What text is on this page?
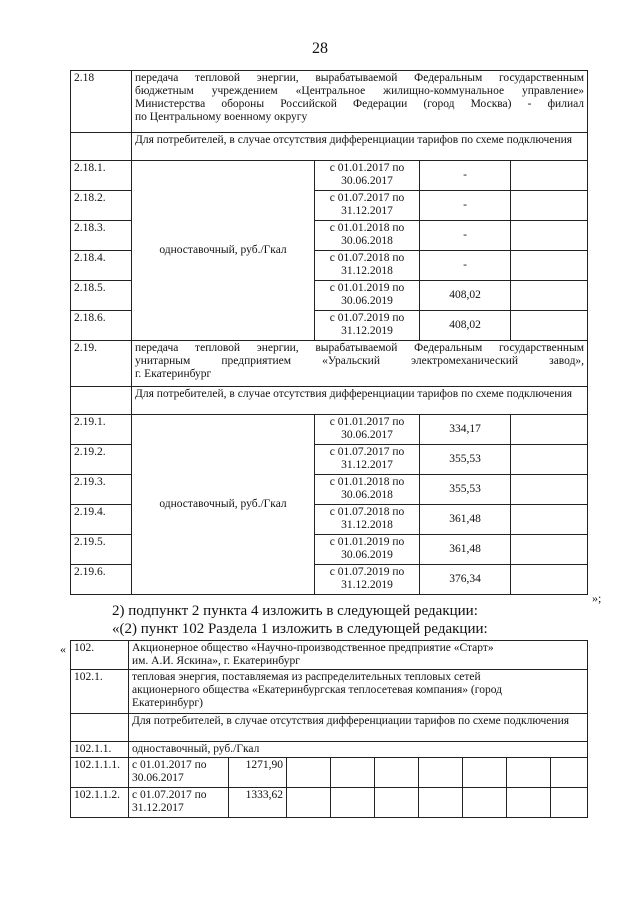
28
2.18	передача тепловой энергии, вырабатываемой Федеральным государственным
бюджетным учреждением «Центральное жилищно-коммунальное управление»
Министерства обороны Российской Федерации (город Москва) - филиал
по Центральному военному округу			

	Для потребителей, в случае отсутствия дифференциации тарифов по схеме подключения			
2.18.1.	одноставочный, руб./Гкал	с 01.01.2017 по
30.06.2017	-	
2.18.2.		с 01.07.2017 по
31.12.2017	-	
2.18.3.		с 01.01.2018 по
30.06.2018	-	
2.18.4.		с 01.07.2018 по
31.12.2018	-	
2.18.5.		с 01.01.2019 по
30.06.2019	408,02	
2.18.6.		с 01.07.2019 по
31.12.2019	408,02	
2.19.	передача тепловой энергии, вырабатываемой Федеральным государственным
унитарным предприятием «Уральский электромеханический завод»,
г. Екатеринбург			

	Для потребителей, в случае отсутствия дифференциации тарифов по схеме подключения			
2.19.1.	одноставочный, руб./Гкал	с 01.01.2017 по
30.06.2017	334,17	
2.19.2.		с 01.07.2017 по
31.12.2017	355,53	
2.19.3.		с 01.01.2018 по
30.06.2018	355,53	
2.19.4.		с 01.07.2018 по
31.12.2018	361,48	
2.19.5.		с 01.01.2019 по
30.06.2019	361,48	
2.19.6.		с 01.07.2019 по
31.12.2019	376,34	
»;
2) подпункт 2 пункта 4 изложить в следующей редакции:
«(2) пункт 102 Раздела 1 изложить в следующей редакции:
« 102.	Акционерное общество «Научно-производственное предприятие «Старт»
им. А.И. Яскина», г. Екатеринбург								

102.1.	тепловая энергия, поставляемая из распределительных тепловых сетей
акционерного общества «Екатеринбургская теплосетевая компания» (город
Екатеринбург)								

	Для потребителей, в случае отсутствия дифференциации тарифов по схеме подключения								
102.1.1.	одноставочный, руб./Гкал								
102.1.1.1.	с 01.01.2017 по
30.06.2017	1271,90							
102.1.1.2.	с 01.07.2017 по
31.12.2017	1333,62							
